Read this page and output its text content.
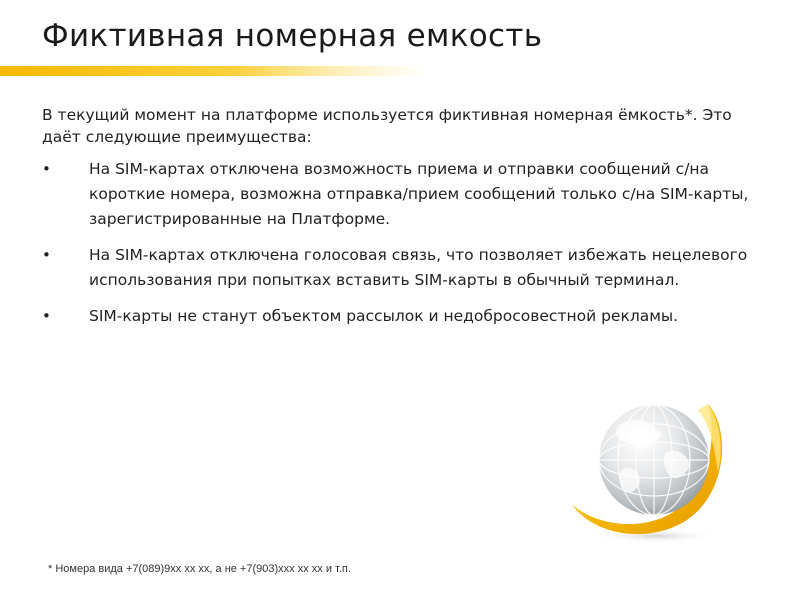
Фиктивная номерная емкость
В текущий момент на платформе используется фиктивная номерная ёмкость*. Это даёт следующие преимущества:
• На SIM-картах отключена возможность приема и отправки сообщений с/на короткие номера, возможна отправка/прием сообщений только с/на SIM-карты, зарегистрированные на Платформе.
• На SIM-картах отключена голосовая связь, что позволяет избежать нецелевого использования при попытках вставить SIM-карты в обычный терминал.
• SIM-карты не станут объектом рассылок и недобросовестной рекламы.
* Номера вида +7(089)9хх хх хх, а не +7(903)ххх хх хх и т.п.
